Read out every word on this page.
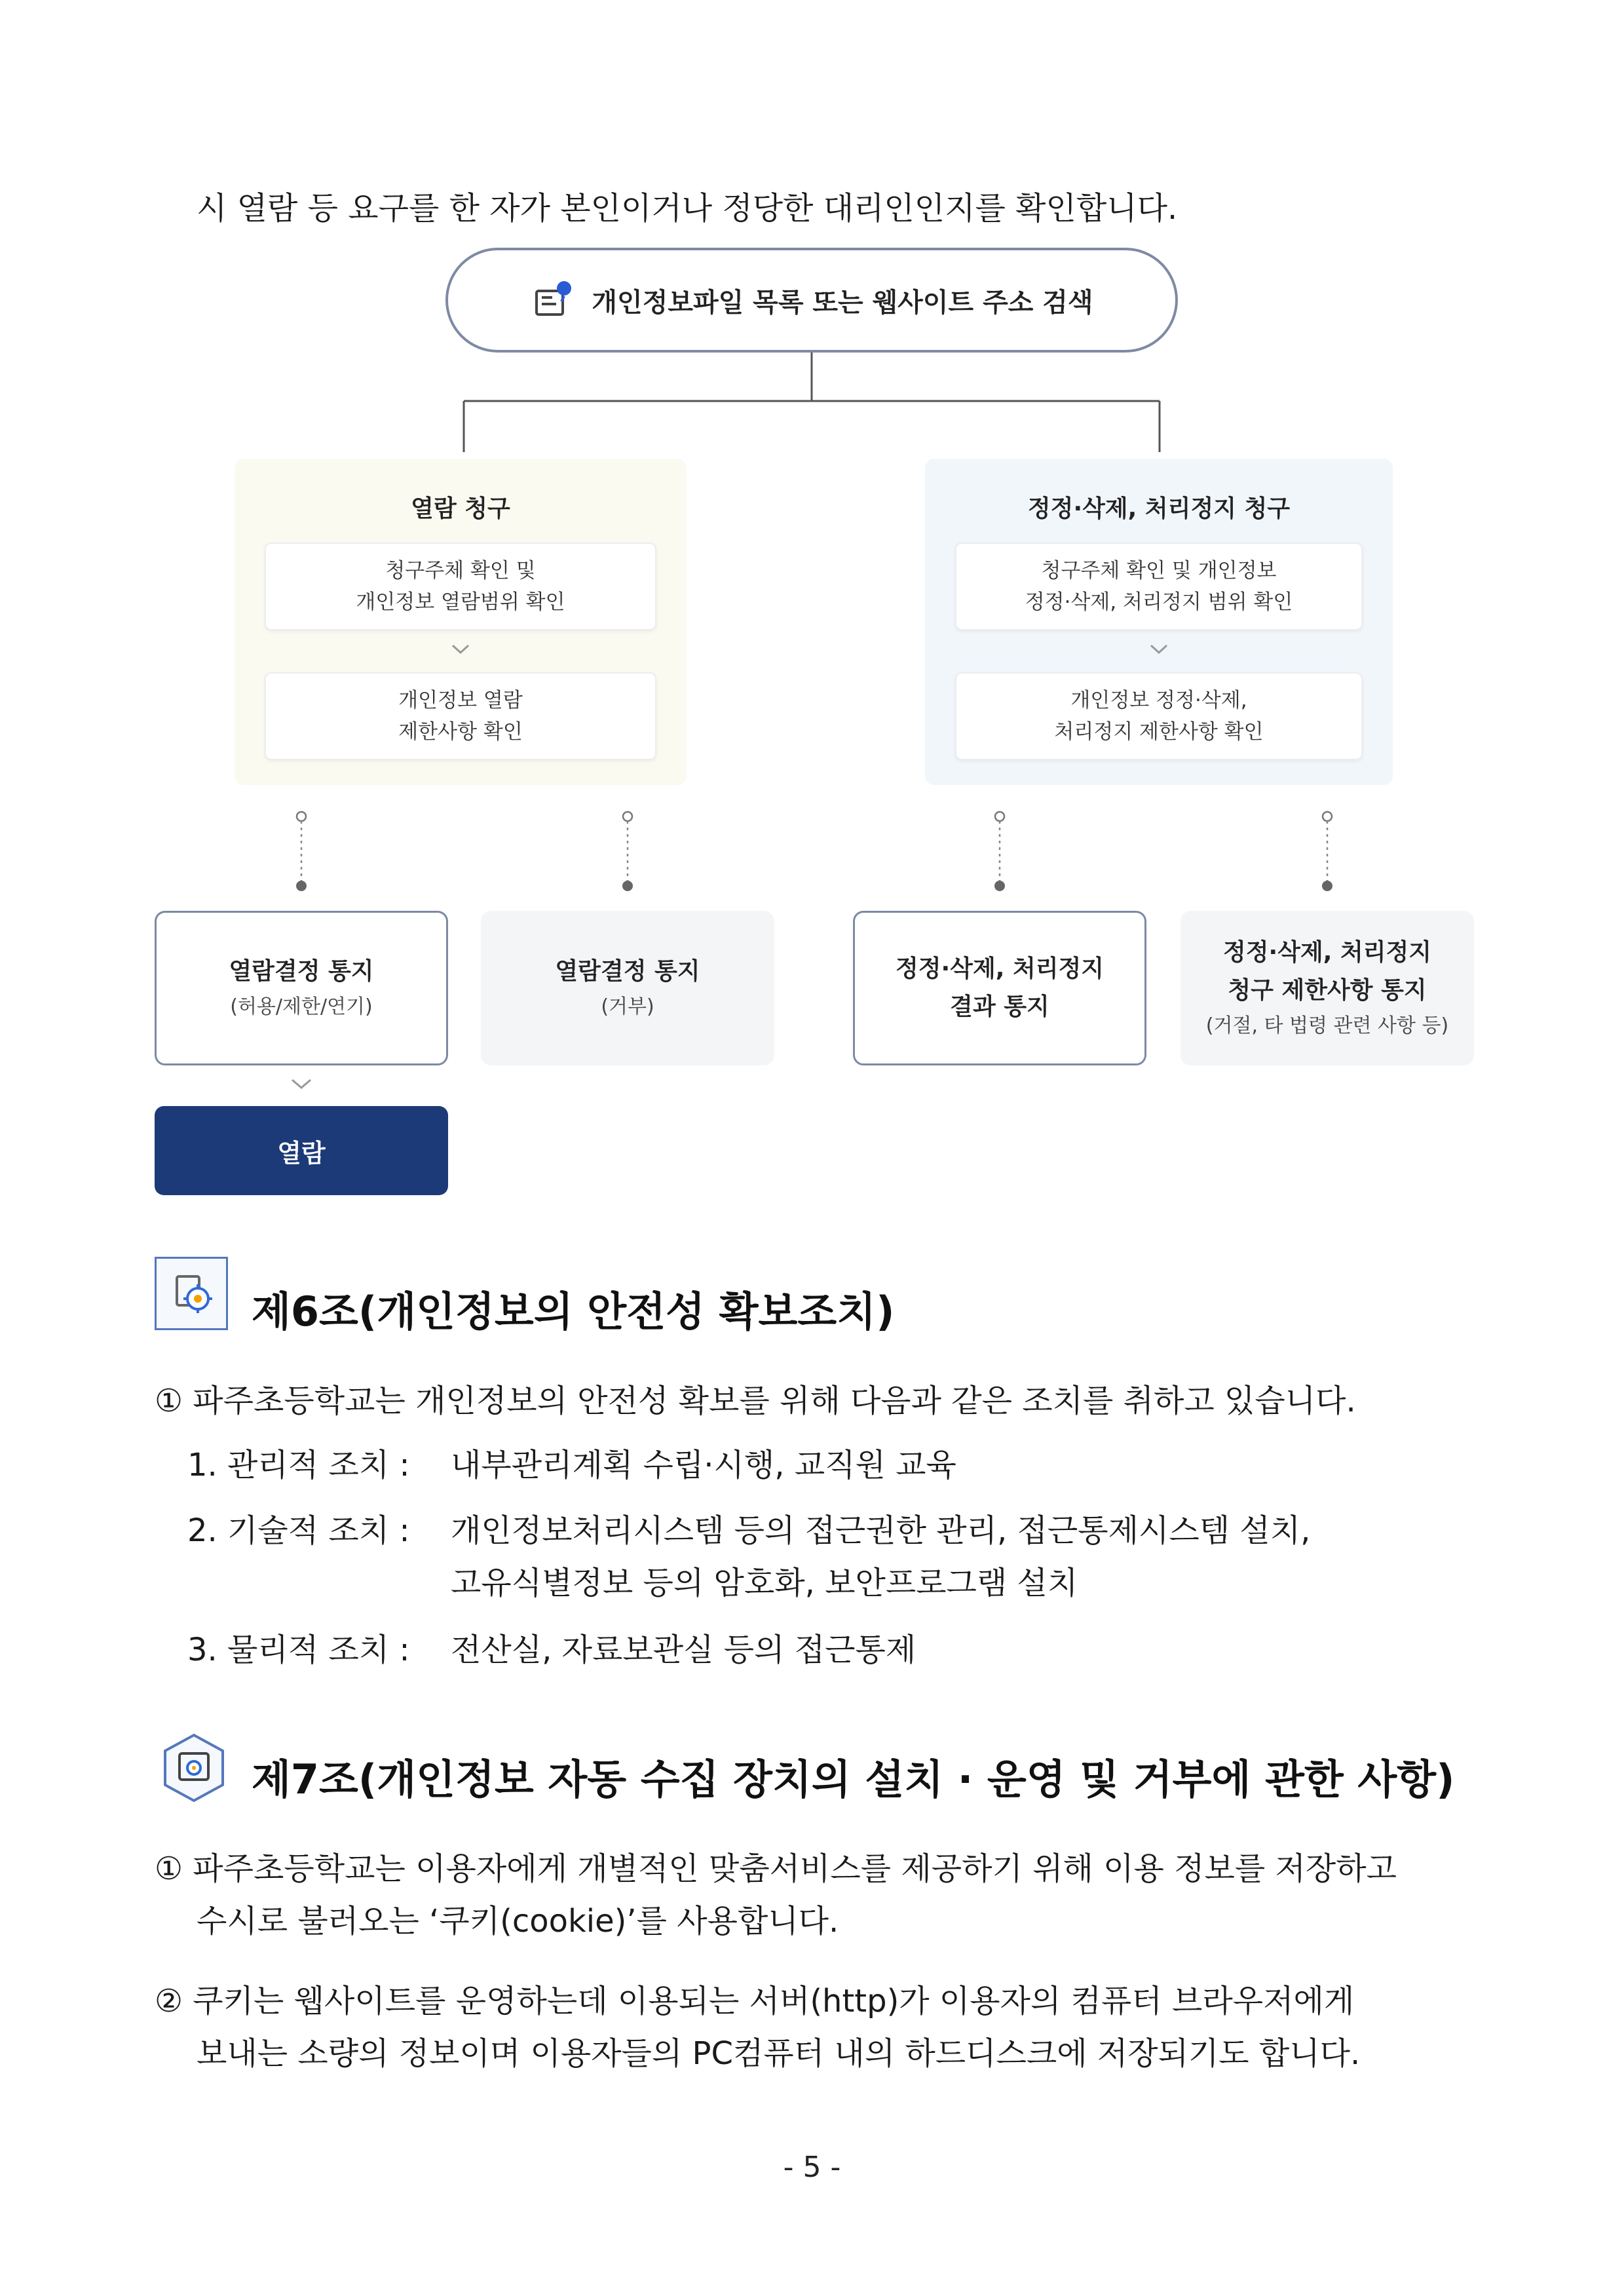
시 열람 등 요구를 한 자가 본인이거나 정당한 대리인인지를 확인합니다.
개인정보파일 목록 또는 웹사이트 주소 검색
열람 청구
청구주체 확인 및
개인정보 열람범위 확인
개인정보 열람
제한사항 확인
정정·삭제, 처리정지 청구
청구주체 확인 및 개인정보
정정·삭제, 처리정지 범위 확인
개인정보 정정·삭제,
처리정지 제한사항 확인
열람결정 통지
(허용/제한/연기)
열람결정 통지
(거부)
정정·삭제, 처리정지
결과 통지
정정·삭제, 처리정지
청구 제한사항 통지
(거절, 타 법령 관련 사항 등)
열람
제6조(개인정보의 안전성 확보조치)
① 파주초등학교는 개인정보의 안전성 확보를 위해 다음과 같은 조치를 취하고 있습니다.
1. 관리적 조치 : 내부관리계획 수립·시행, 교직원 교육
2. 기술적 조치 : 개인정보처리시스템 등의 접근권한 관리, 접근통제시스템 설치,
고유식별정보 등의 암호화, 보안프로그램 설치
3. 물리적 조치 : 전산실, 자료보관실 등의 접근통제
제7조(개인정보 자동 수집 장치의 설치 · 운영 및 거부에 관한 사항)
① 파주초등학교는 이용자에게 개별적인 맞춤서비스를 제공하기 위해 이용 정보를 저장하고
수시로 불러오는 ‘쿠키(cookie)’를 사용합니다.
② 쿠키는 웹사이트를 운영하는데 이용되는 서버(http)가 이용자의 컴퓨터 브라우저에게
보내는 소량의 정보이며 이용자들의 PC컴퓨터 내의 하드디스크에 저장되기도 합니다.
- 5 -
